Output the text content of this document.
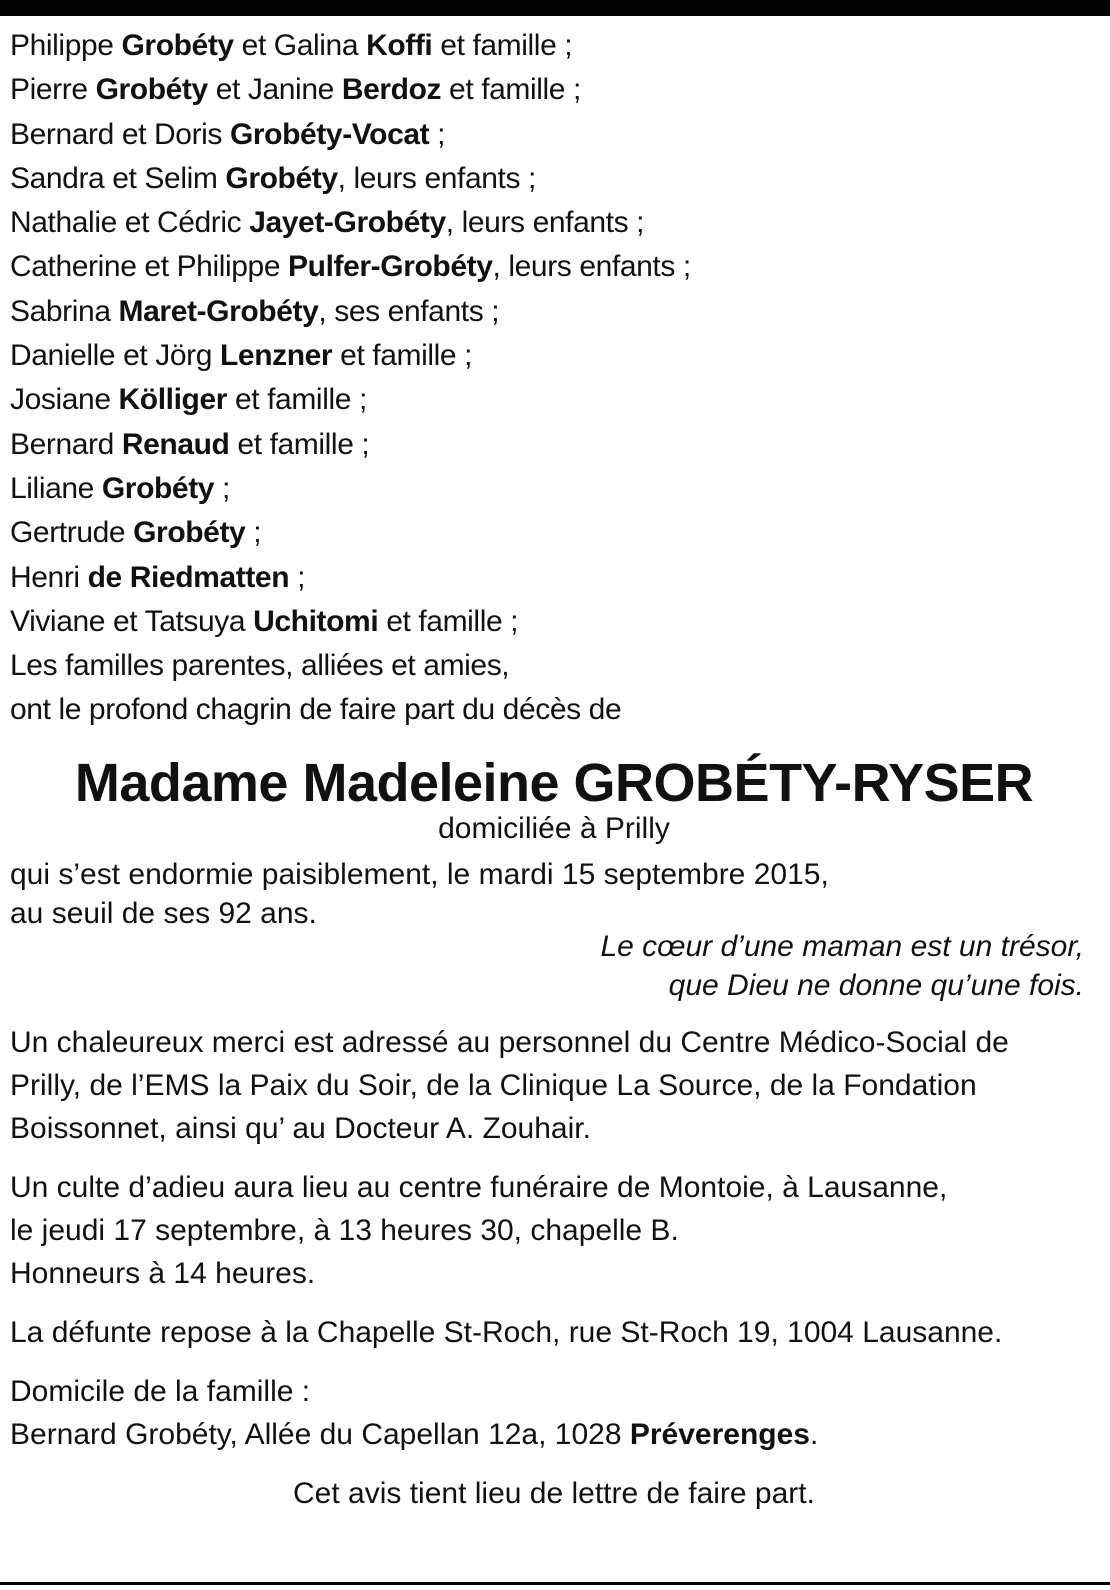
Philippe Grobéty et Galina Koffi et famille ;
Pierre Grobéty et Janine Berdoz et famille ;
Bernard et Doris Grobéty-Vocat ;
Sandra et Selim Grobéty, leurs enfants ;
Nathalie et Cédric Jayet-Grobéty, leurs enfants ;
Catherine et Philippe Pulfer-Grobéty, leurs enfants ;
Sabrina Maret-Grobéty, ses enfants ;
Danielle et Jörg Lenzner et famille ;
Josiane Kölliger et famille ;
Bernard Renaud et famille ;
Liliane Grobéty ;
Gertrude Grobéty ;
Henri de Riedmatten ;
Viviane et Tatsuya Uchitomi et famille ;
Les familles parentes, alliées et amies,
ont le profond chagrin de faire part du décès de
Madame Madeleine GROBÉTY-RYSER
domiciliée à Prilly
qui s’est endormie paisiblement, le mardi 15 septembre 2015,
au seuil de ses 92 ans.
Le cœur d’une maman est un trésor,
que Dieu ne donne qu’une fois.
Un chaleureux merci est adressé au personnel du Centre Médico-Social de
Prilly, de l’EMS la Paix du Soir, de la Clinique La Source, de la Fondation
Boissonnet, ainsi qu’ au Docteur A. Zouhair.
Un culte d’adieu aura lieu au centre funéraire de Montoie, à Lausanne,
le jeudi 17 septembre, à 13 heures 30, chapelle B.
Honneurs à 14 heures.
La défunte repose à la Chapelle St-Roch, rue St-Roch 19, 1004 Lausanne.
Domicile de la famille :
Bernard Grobéty, Allée du Capellan 12a, 1028 Préverenges.
Cet avis tient lieu de lettre de faire part.
